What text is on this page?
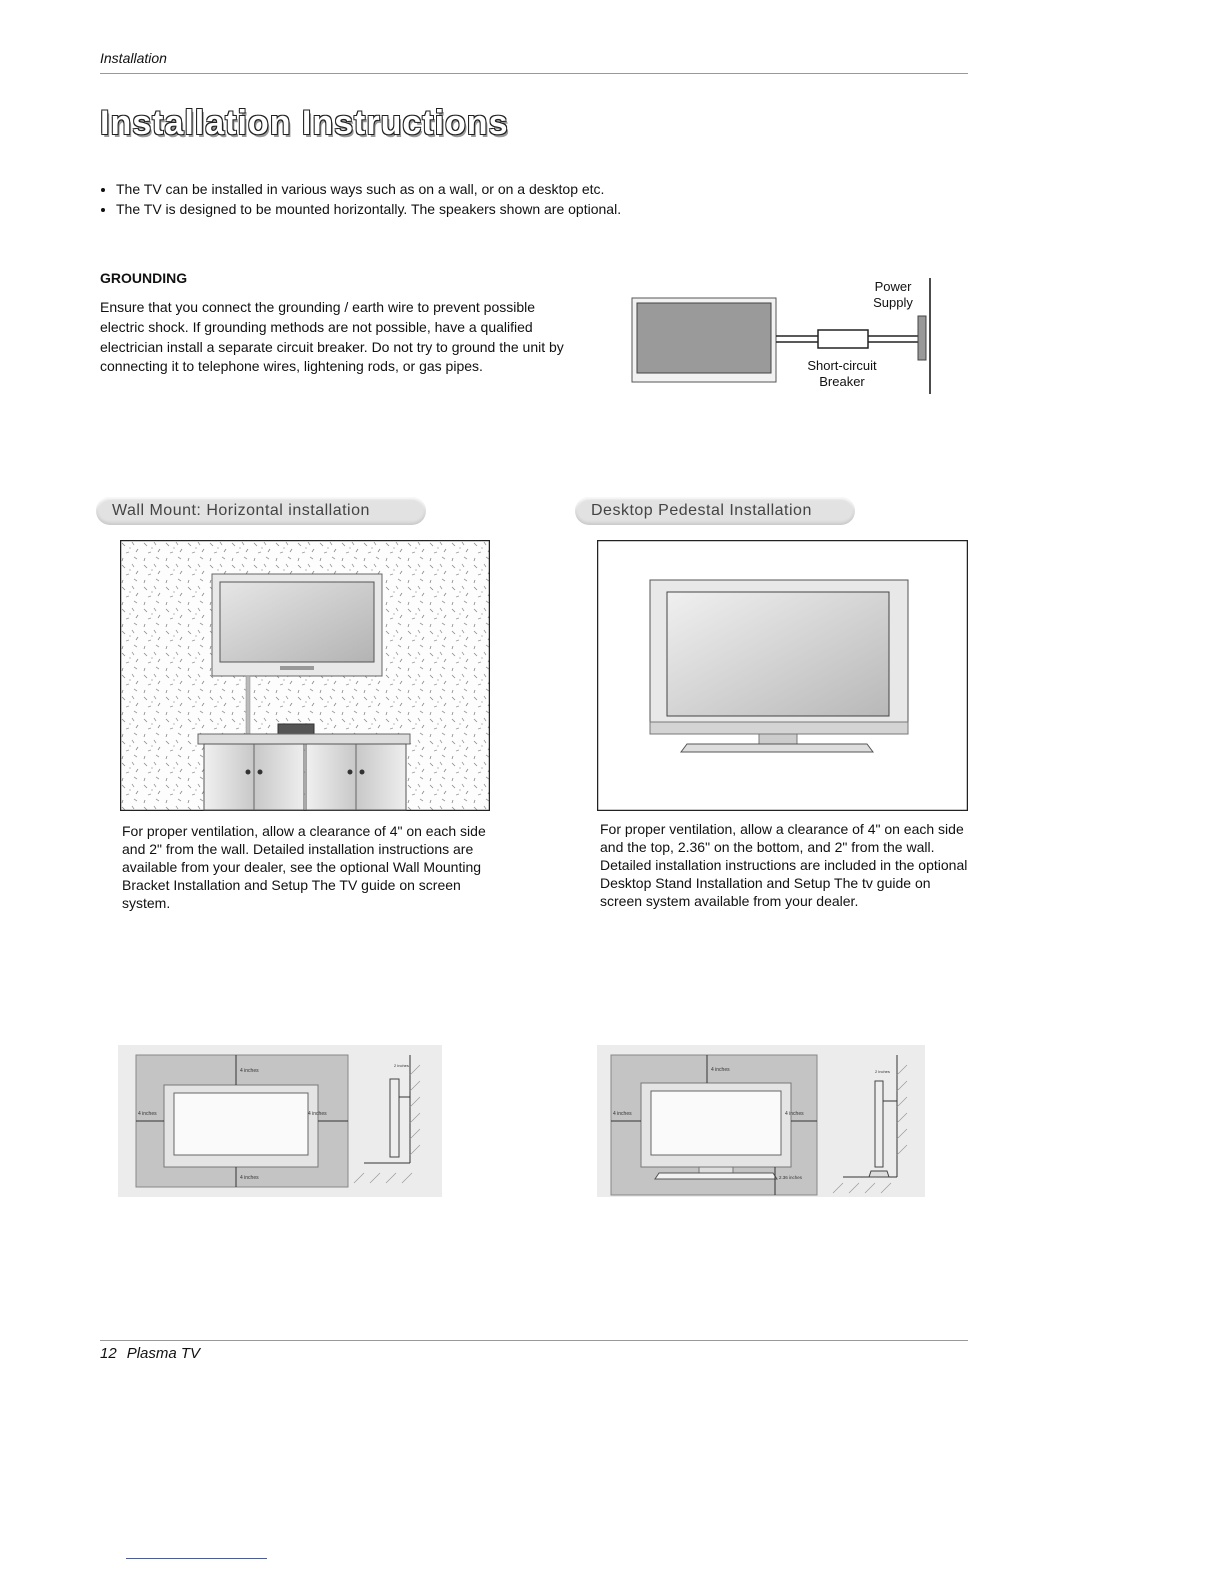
Installation
Installation Instructions
• The TV can be installed in various ways such as on a wall, or on a desktop etc.
• The TV is designed to be mounted horizontally. The speakers shown are optional.
GROUNDING
Ensure that you connect the grounding / earth wire to prevent possible electric shock. If grounding methods are not possible, have a qualified electrician install a separate circuit breaker. Do not try to ground the unit by connecting it to telephone wires, lightening rods, or gas pipes.
Power
Supply
Short-circuit
Breaker
Wall Mount: Horizontal installation
For proper ventilation, allow a clearance of 4" on each side and 2" from the wall. Detailed installation instructions are available from your dealer, see the optional Wall Mounting Bracket Installation and Setup The TV guide on screen system.
Desktop Pedestal Installation
For proper ventilation, allow a clearance of 4" on each side and the top, 2.36" on the bottom, and 2" from the wall. Detailed installation instructions are included in the optional Desktop Stand Installation and Setup The tv guide on screen system available from your dealer.
4 inches
4 inches	4 inches
4 inches
2 inches
4 inches
4 inches	4 inches
2.36 inches
2 inches
12 Plasma TV
